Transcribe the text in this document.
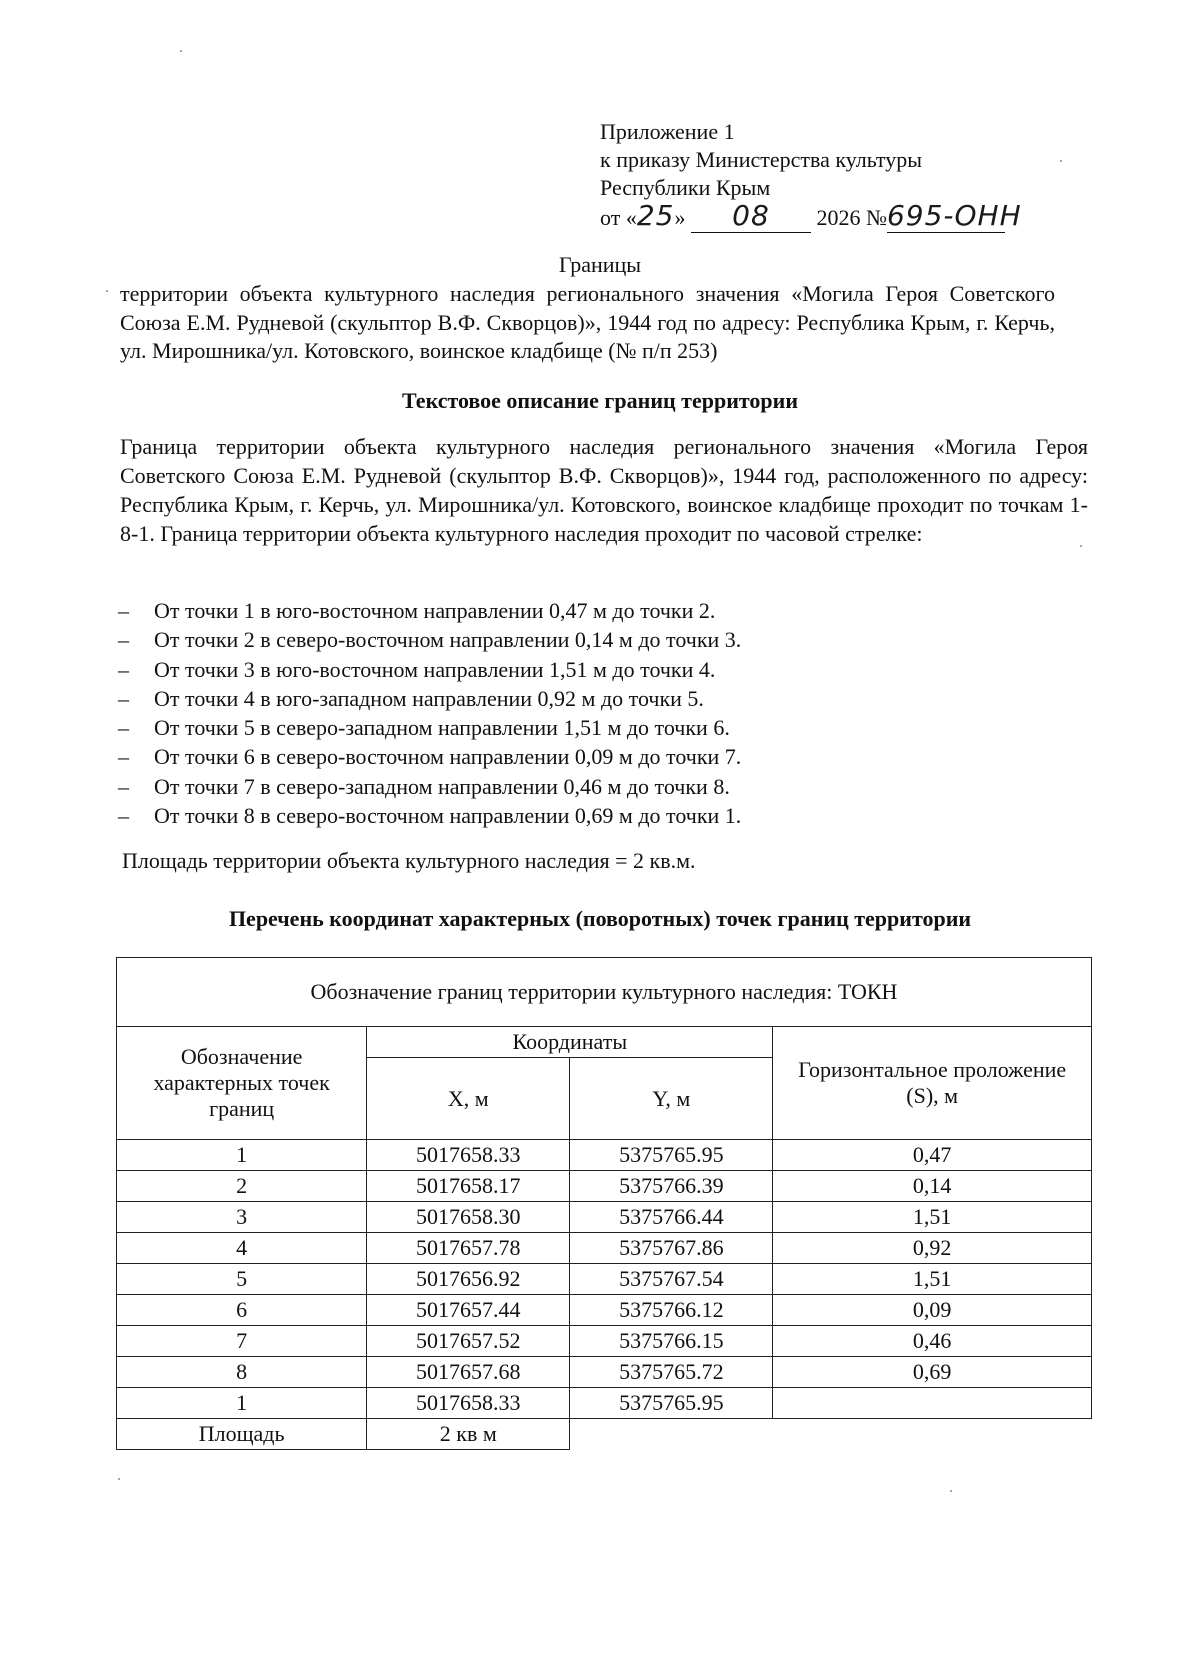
Приложение 1
к приказу Министерства культуры
Республики Крым
от «25» 08 2026 №695-ОНН
Границы
территории объекта культурного наследия регионального значения «Могила Героя Советского Союза Е.М. Рудневой (скульптор В.Ф. Скворцов)», 1944 год по адресу: Республика Крым, г. Керчь, ул. Мирошника/ул. Котовского, воинское кладбище (№ п/п 253)
Текстовое описание границ территории
Граница территории объекта культурного наследия регионального значения «Могила Героя Советского Союза Е.М. Рудневой (скульптор В.Ф. Скворцов)», 1944 год, расположенного по адресу: Республика Крым, г. Керчь, ул. Мирошника/ул. Котовского, воинское кладбище проходит по точкам 1-8-1. Граница территории объекта культурного наследия проходит по часовой стрелке:
– От точки 1 в юго-восточном направлении 0,47 м до точки 2.
– От точки 2 в северо-восточном направлении 0,14 м до точки 3.
– От точки 3 в юго-восточном направлении 1,51 м до точки 4.
– От точки 4 в юго-западном направлении 0,92 м до точки 5.
– От точки 5 в северо-западном направлении 1,51 м до точки 6.
– От точки 6 в северо-восточном направлении 0,09 м до точки 7.
– От точки 7 в северо-западном направлении 0,46 м до точки 8.
– От точки 8 в северо-восточном направлении 0,69 м до точки 1.
Площадь территории объекта культурного наследия = 2 кв.м.
Перечень координат характерных (поворотных) точек границ территории
Обозначение границ территории культурного наследия: ТОКН			
Обозначение характерных точек границ	Координаты		Горизонтальное проложение (S), м
	X, м	Y, м	
1	5017658.33	5375765.95	0,47
2	5017658.17	5375766.39	0,14
3	5017658.30	5375766.44	1,51
4	5017657.78	5375767.86	0,92
5	5017656.92	5375767.54	1,51
6	5017657.44	5375766.12	0,09
7	5017657.52	5375766.15	0,46
8	5017657.68	5375765.72	0,69
1	5017658.33	5375765.95	
Площадь	2 кв м		
